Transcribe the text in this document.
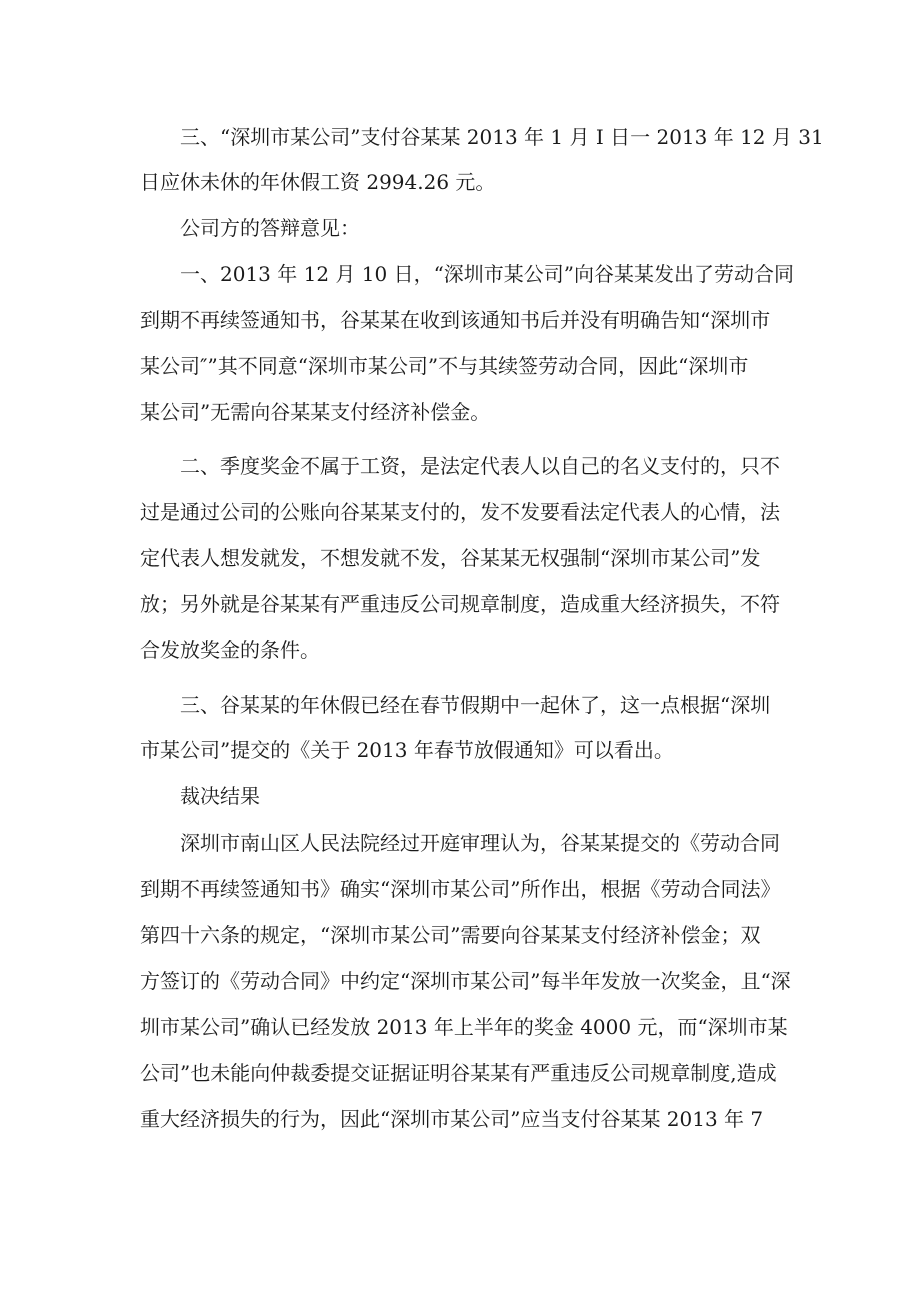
三、“深圳市某公司”支付谷某某 2013 年 1 月 I 日一 2013 年 12 月 31
日应休未休的年休假工资 2994.26 元。
公司方的答辩意见：
一、2013 年 12 月 10 日，“深圳市某公司”向谷某某发出了劳动合同
到期不再续签通知书，谷某某在收到该通知书后并没有明确告知“深圳市
某公司″”其不同意“深圳市某公司”不与其续签劳动合同，因此“深圳市
某公司”无需向谷某某支付经济补偿金。
二、季度奖金不属于工资，是法定代表人以自己的名义支付的，只不
过是通过公司的公账向谷某某支付的，发不发要看法定代表人的心情，法
定代表人想发就发，不想发就不发，谷某某无权强制“深圳市某公司”发
放；另外就是谷某某有严重违反公司规章制度，造成重大经济损失，不符
合发放奖金的条件。
三、谷某某的年休假已经在春节假期中一起休了，这一点根据“深圳
市某公司”提交的《关于 2013 年春节放假通知》可以看出。
裁决结果
深圳市南山区人民法院经过开庭审理认为，谷某某提交的《劳动合同
到期不再续签通知书》确实“深圳市某公司”所作出，根据《劳动合同法》
第四十六条的规定，“深圳市某公司”需要向谷某某支付经济补偿金；双
方签订的《劳动合同》中约定“深圳市某公司”每半年发放一次奖金，且“深
圳市某公司”确认已经发放 2013 年上半年的奖金 4000 元，而“深圳市某
公司”也未能向仲裁委提交证据证明谷某某有严重违反公司规章制度,造成
重大经济损失的行为，因此“深圳市某公司”应当支付谷某某 2013 年 7
